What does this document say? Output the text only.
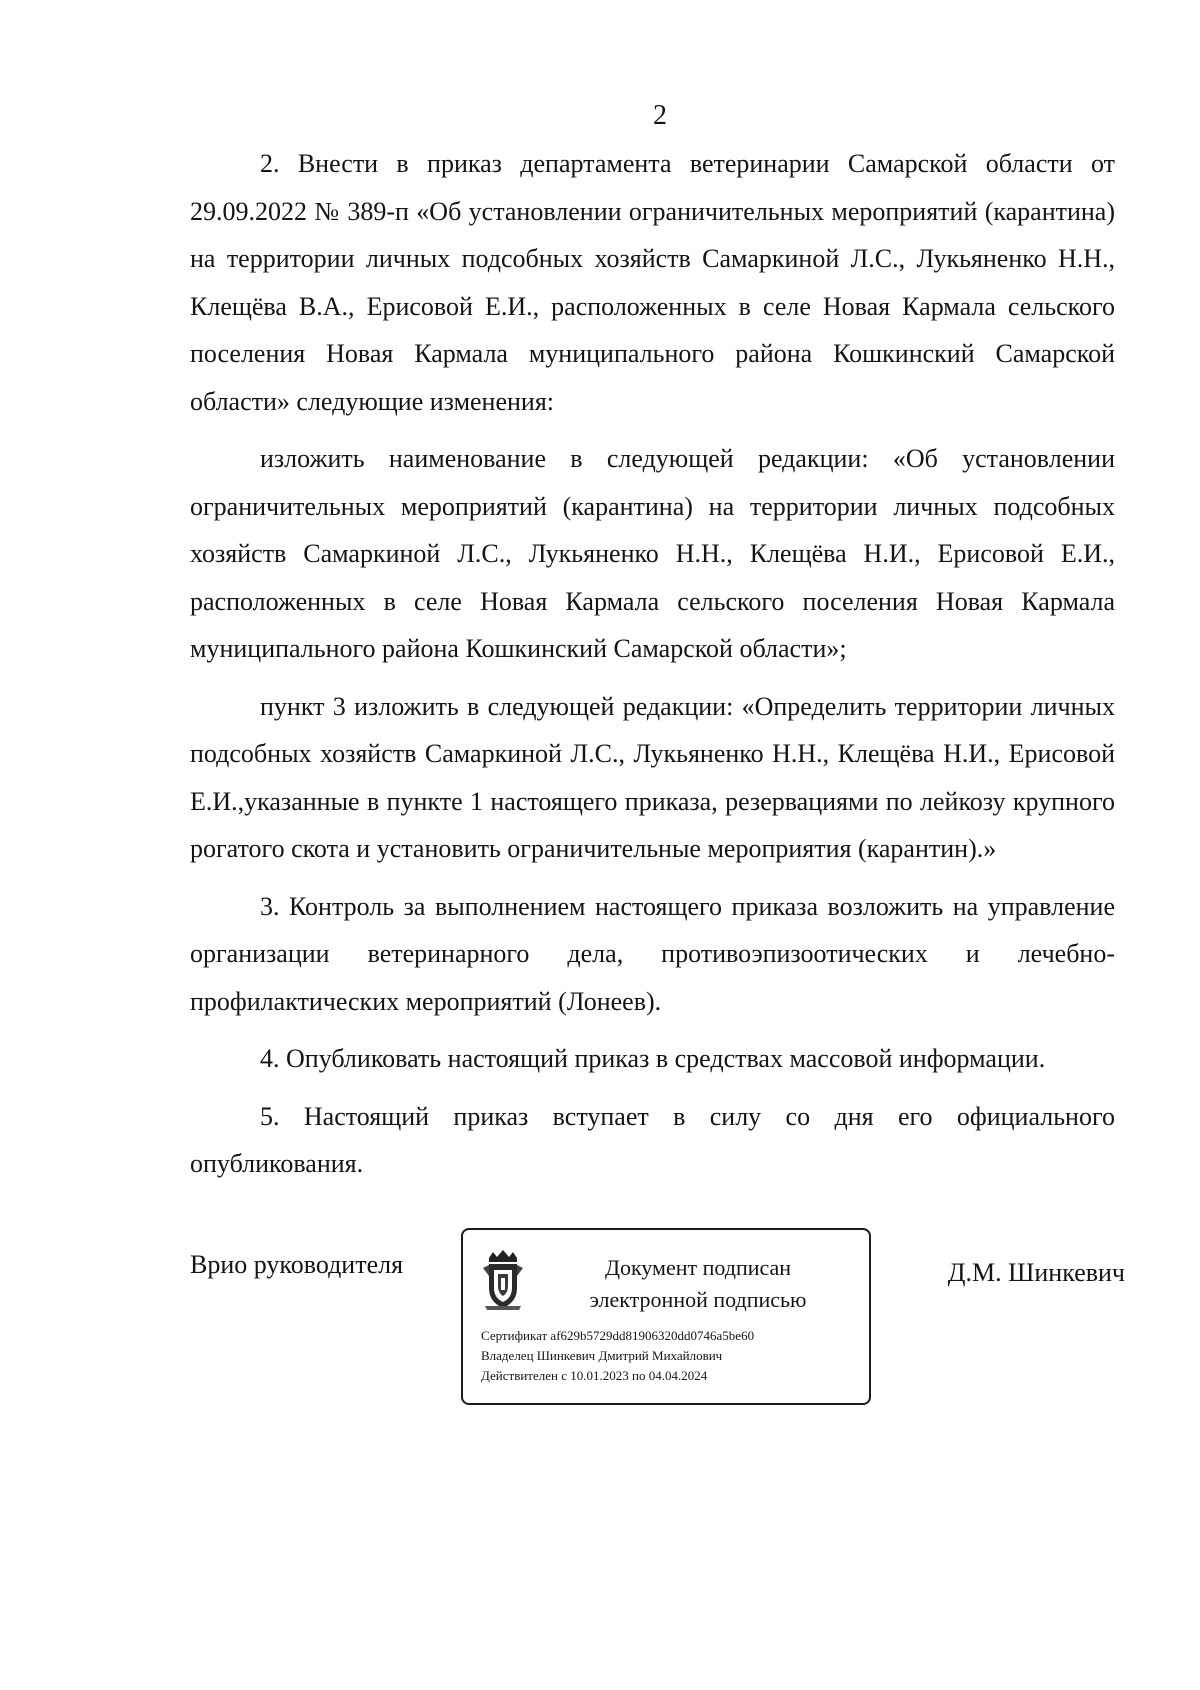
2

2. Внести в приказ департамента ветеринарии Самарской области от 29.09.2022 № 389-п «Об установлении ограничительных мероприятий (карантина) на территории личных подсобных хозяйств Самаркиной Л.С., Лукьяненко Н.Н., Клещёва В.А., Ерисовой Е.И., расположенных в селе Новая Кармала сельского поселения Новая Кармала муниципального района Кошкинский Самарской области» следующие изменения:

изложить наименование в следующей редакции: «Об установлении ограничительных мероприятий (карантина) на территории личных подсобных хозяйств Самаркиной Л.С., Лукьяненко Н.Н., Клещёва Н.И., Ерисовой Е.И., расположенных в селе Новая Кармала сельского поселения Новая Кармала муниципального района Кошкинский Самарской области»;

пункт 3 изложить в следующей редакции: «Определить территории личных подсобных хозяйств Самаркиной Л.С., Лукьяненко Н.Н., Клещёва Н.И., Ерисовой Е.И.,указанные в пункте 1 настоящего приказа, резервациями по лейкозу крупного рогатого скота и установить ограничительные мероприятия (карантин).»

3. Контроль за выполнением настоящего приказа возложить на управление организации ветеринарного дела, противоэпизоотических и лечебно-профилактических мероприятий (Лонеев).

4. Опубликовать настоящий приказ в средствах массовой информации.

5. Настоящий приказ вступает в силу со дня его официального опубликования.

Врио руководителя	Документ подписан
электронной подписью
Сертификат af629b5729dd81906320dd0746a5be60
Владелец Шинкевич Дмитрий Михайлович
Действителен с 10.01.2023 по 04.04.2024
Д.М. Шинкевич
